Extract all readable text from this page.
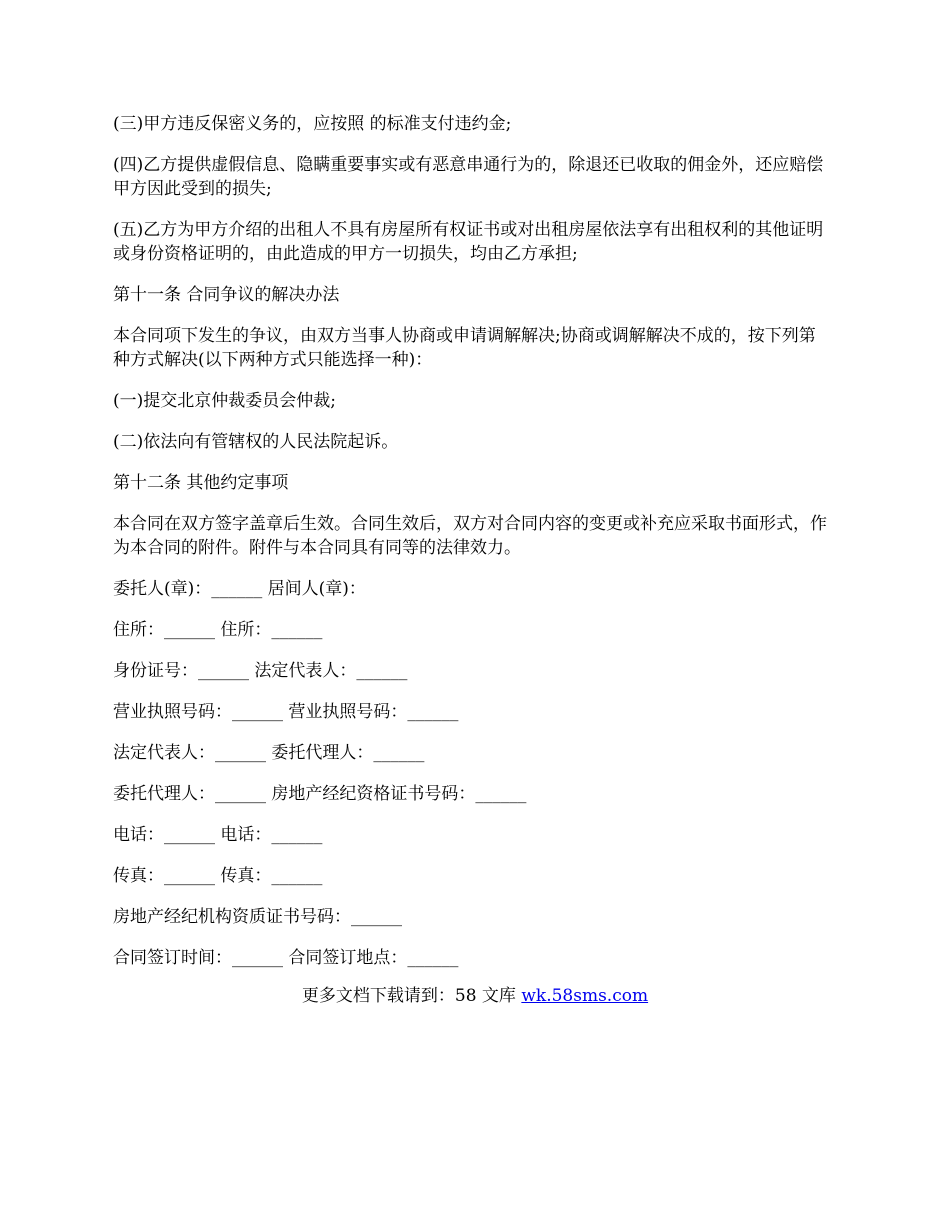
(三)甲方违反保密义务的，应按照 的标准支付违约金;

(四)乙方提供虚假信息、隐瞒重要事实或有恶意串通行为的，除退还已收取的佣金外，还应赔偿甲方因此受到的损失;

(五)乙方为甲方介绍的出租人不具有房屋所有权证书或对出租房屋依法享有出租权利的其他证明或身份资格证明的，由此造成的甲方一切损失，均由乙方承担;

第十一条 合同争议的解决办法

本合同项下发生的争议，由双方当事人协商或申请调解解决;协商或调解解决不成的，按下列第 种方式解决(以下两种方式只能选择一种)：

(一)提交北京仲裁委员会仲裁;

(二)依法向有管辖权的人民法院起诉。

第十二条 其他约定事项

本合同在双方签字盖章后生效。合同生效后，双方对合同内容的变更或补充应采取书面形式，作为本合同的附件。附件与本合同具有同等的法律效力。

委托人(章)：______ 居间人(章)：

住所：______ 住所：______

身份证号：______ 法定代表人：______

营业执照号码：______ 营业执照号码：______

法定代表人：______ 委托代理人：______

委托代理人：______ 房地产经纪资格证书号码：______

电话：______ 电话：______

传真：______ 传真：______

房地产经纪机构资质证书号码：______

合同签订时间：______ 合同签订地点：______

更多文档下载请到：58 文库 wk.58sms.com
